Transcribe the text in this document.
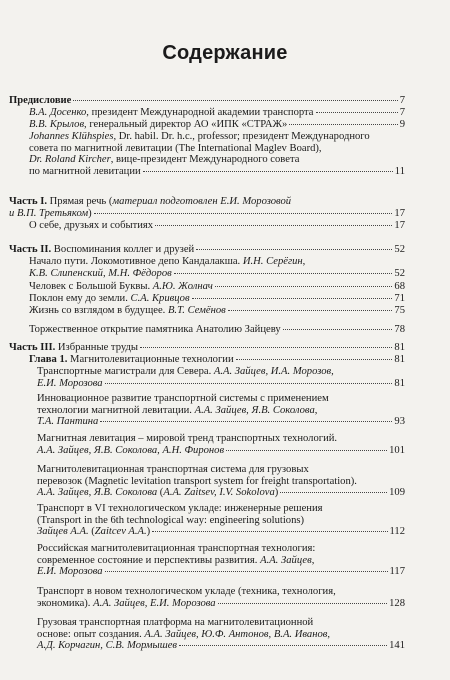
Содержание
Предисловие	7
В.А. Досенко, президент Международной академии транспорта	7
В.В. Крылов, генеральный директор АО «ИПК «СТРАЖ»	9
Johannes Klühspies, Dr. habil. Dr. h.c., professor; президент Международного
совета по магнитной левитации (The International Maglev Board),
Dr. Roland Kircher, вице-президент Международного совета
по магнитной левитации	11
Часть I. Прямая речь (материал подготовлен Е.И. Морозовой
и В.П. Третьяком)	17
О себе, друзьях и событиях	17
Часть II. Воспоминания коллег и друзей	52
Начало пути. Локомотивное депо Кандалакша. И.Н. Серёгин,
К.В. Слипенский, М.Н. Фёдоров	52
Человек с Большой Буквы. А.Ю. Жолнач	68
Поклон ему до земли. С.А. Кривцов	71
Жизнь со взглядом в будущее. В.Т. Семёнов	75
Торжественное открытие памятника Анатолию Зайцеву	78
Часть III. Избранные труды	81
Глава 1. Магнитолевитационные технологии	81
Транспортные магистрали для Севера. А.А. Зайцев, И.А. Морозов,
Е.И. Морозова	81
Инновационное развитие транспортной системы с применением
технологии магнитной левитации. А.А. Зайцев, Я.В. Соколова,
Т.А. Пантина	93
Магнитная левитация – мировой тренд транспортных технологий.
А.А. Зайцев, Я.В. Соколова, А.Н. Фиронов	101
Магнитолевитационная транспортная система для грузовых
перевозок (Magnetic levitation transport system for freight transportation).
А.А. Зайцев, Я.В. Соколова (A.A. Zaitsev, I.V. Sokolova)	109
Транспорт в VI технологическом укладе: инженерные решения
(Transport in the 6th technological way: engineering solutions)
Зайцев А.А. (Zaitcev A.A.)	112
Российская магнитолевитационная транспортная технология:
современное состояние и перспективы развития. А.А. Зайцев,
Е.И. Морозова	117
Транспорт в новом технологическом укладе (техника, технология,
экономика). А.А. Зайцев, Е.И. Морозова	128
Грузовая транспортная платформа на магнитолевитационной
основе: опыт создания. А.А. Зайцев, Ю.Ф. Антонов, В.А. Иванов,
А.Д. Корчагин, С.В. Мормышев	141
